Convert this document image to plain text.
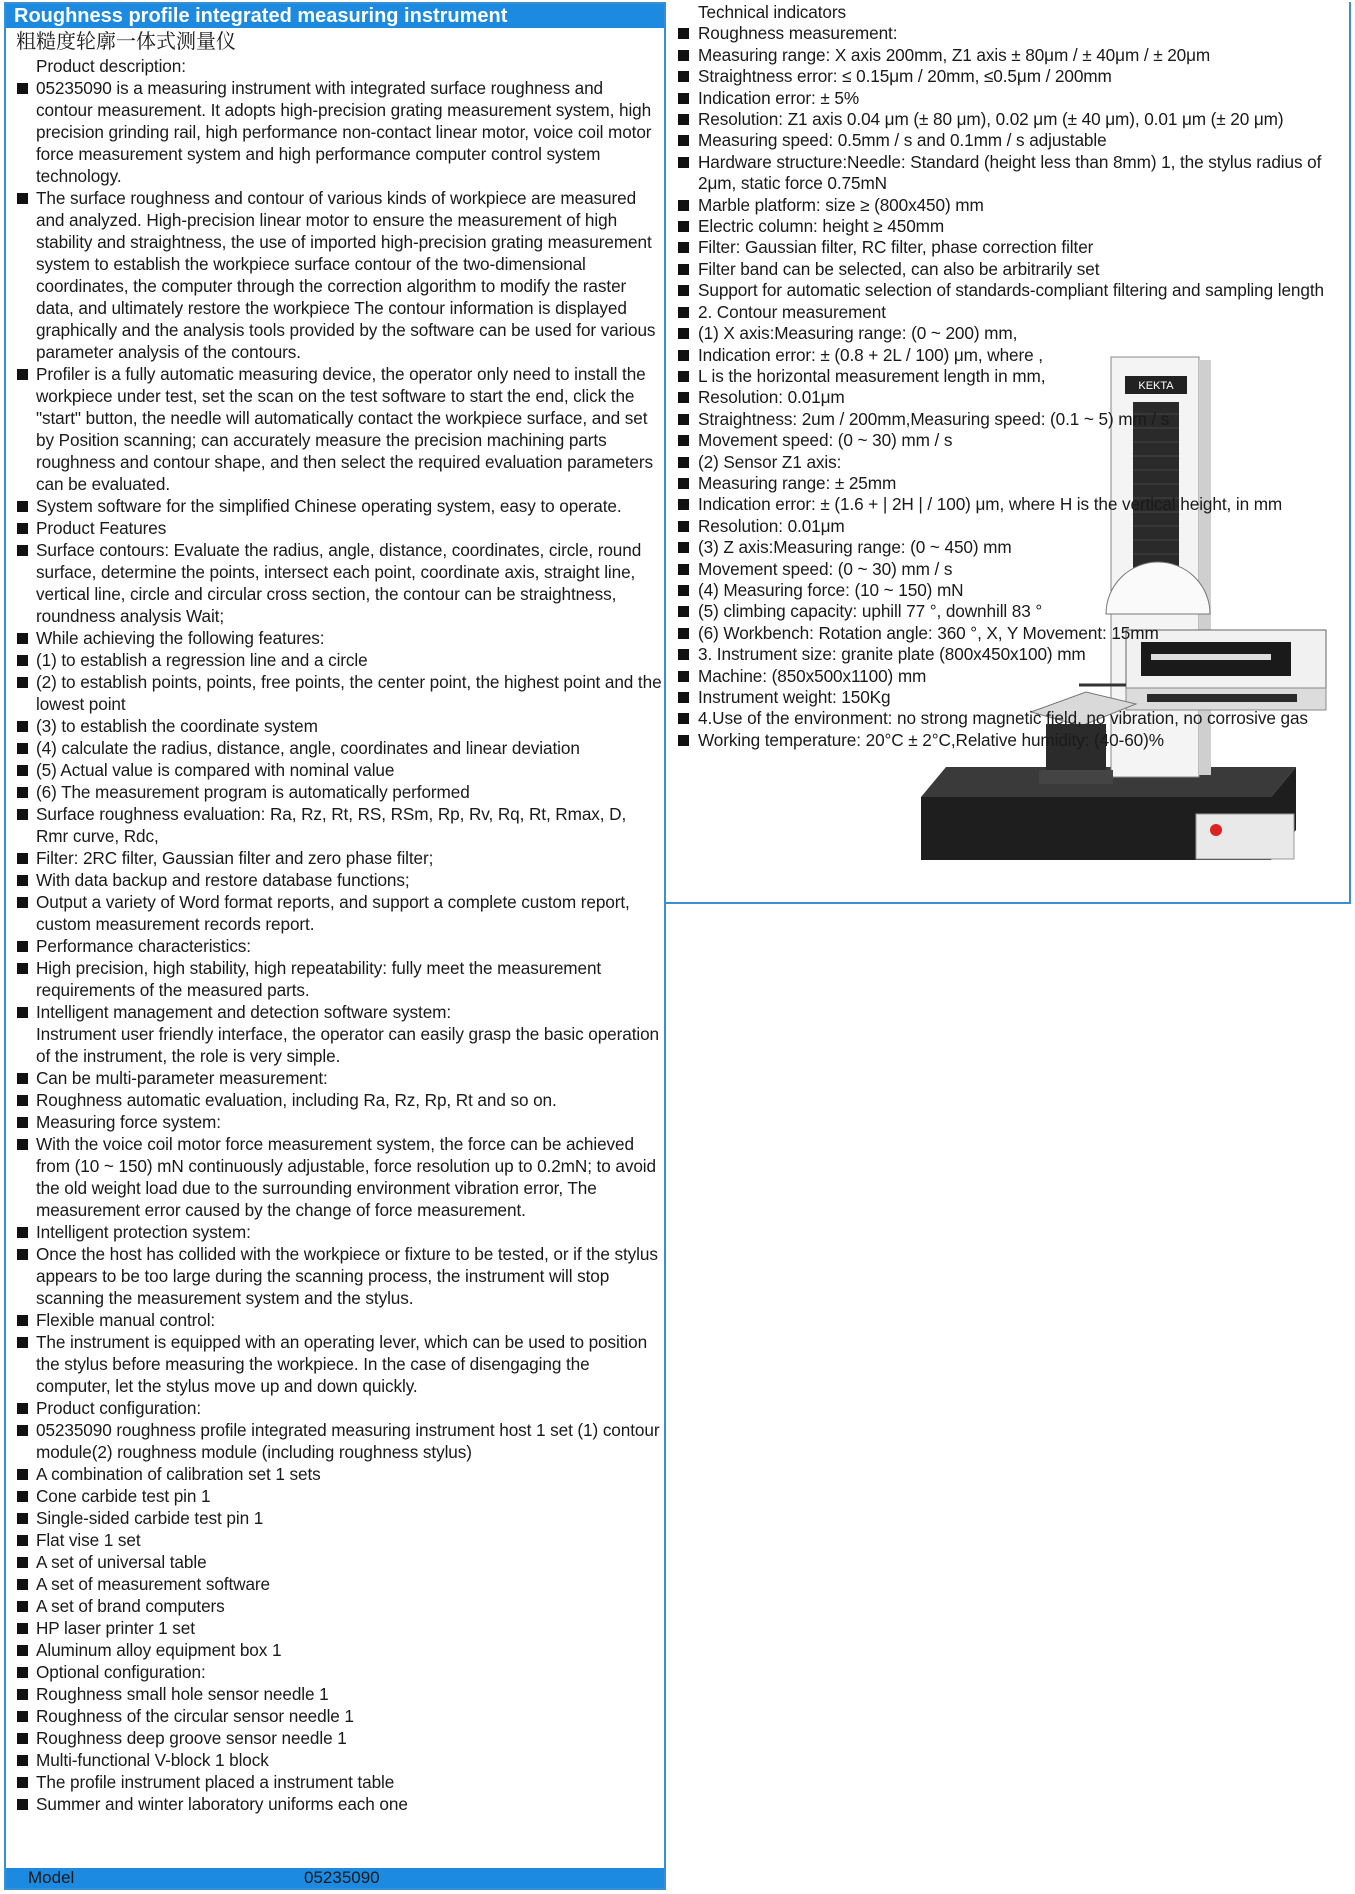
Roughness profile integrated measuring instrument
粗糙度轮廓一体式测量仪
Product description:
05235090 is a measuring instrument with integrated surface roughness and contour measurement. It adopts high-precision grating measurement system, high precision grinding rail, high performance non-contact linear motor, voice coil motor force measurement system and high performance computer control system technology.
The surface roughness and contour of various kinds of workpiece are measured and analyzed. High-precision linear motor to ensure the measurement of high stability and straightness, the use of imported high-precision grating measurement system to establish the workpiece surface contour of the two-dimensional coordinates, the computer through the correction algorithm to modify the raster data, and ultimately restore the workpiece The contour information is displayed graphically and the analysis tools provided by the software can be used for various parameter analysis of the contours.
Profiler is a fully automatic measuring device, the operator only need to install the workpiece under test, set the scan on the test software to start the end, click the "start" button, the needle will automatically contact the workpiece surface, and set by Position scanning; can accurately measure the precision machining parts roughness and contour shape, and then select the required evaluation parameters can be evaluated.
System software for the simplified Chinese operating system, easy to operate.
Product Features
Surface contours: Evaluate the radius, angle, distance, coordinates, circle, round surface, determine the points, intersect each point, coordinate axis, straight line, vertical line, circle and circular cross section, the contour can be straightness, roundness analysis Wait;
While achieving the following features:
(1) to establish a regression line and a circle
(2) to establish points, points, free points, the center point, the highest point and the lowest point
(3) to establish the coordinate system
(4) calculate the radius, distance, angle, coordinates and linear deviation
(5) Actual value is compared with nominal value
(6) The measurement program is automatically performed
Surface roughness evaluation: Ra, Rz, Rt, RS, RSm, Rp, Rv, Rq, Rt, Rmax, D, Rmr curve, Rdc,
Filter: 2RC filter, Gaussian filter and zero phase filter;
With data backup and restore database functions;
Output a variety of Word format reports, and support a complete custom report, custom measurement records report.
Performance characteristics:
High precision, high stability, high repeatability: fully meet the measurement requirements of the measured parts.
Intelligent management and detection software system:
Instrument user friendly interface, the operator can easily grasp the basic operation of the instrument, the role is very simple.
Can be multi-parameter measurement:
Roughness automatic evaluation, including Ra, Rz, Rp, Rt and so on.
Measuring force system:
With the voice coil motor force measurement system, the force can be achieved from (10 ~ 150) mN continuously adjustable, force resolution up to 0.2mN; to avoid the old weight load due to the surrounding environment vibration error, The measurement error caused by the change of force measurement.
Intelligent protection system:
Once the host has collided with the workpiece or fixture to be tested, or if the stylus appears to be too large during the scanning process, the instrument will stop scanning the measurement system and the stylus.
Flexible manual control:
The instrument is equipped with an operating lever, which can be used to position the stylus before measuring the workpiece. In the case of disengaging the computer, let the stylus move up and down quickly.
Product configuration:
05235090 roughness profile integrated measuring instrument host 1 set (1) contour module(2) roughness module (including roughness stylus)
A combination of calibration set 1 sets
Cone carbide test pin 1
Single-sided carbide test pin 1
Flat vise 1 set
A set of universal table
A set of measurement software
A set of brand computers
HP laser printer 1 set
Aluminum alloy equipment box 1
Optional configuration:
Roughness small hole sensor needle 1
Roughness of the circular sensor needle 1
Roughness deep groove sensor needle 1
Multi-functional V-block 1 block
The profile instrument placed a instrument table
Summer and winter laboratory uniforms each one
Model	05235090
Technical indicators
Roughness measurement:
Measuring range: X axis 200mm, Z1 axis ± 80μm / ± 40μm / ± 20μm
Straightness error: ≤ 0.15μm / 20mm, ≤0.5μm / 200mm
Indication error: ± 5%
Resolution: Z1 axis 0.04 μm (± 80 μm), 0.02 μm (± 40 μm), 0.01 μm (± 20 μm)
Measuring speed: 0.5mm / s and 0.1mm / s adjustable
Hardware structure:Needle: Standard (height less than 8mm) 1, the stylus radius of 2μm, static force 0.75mN
Marble platform: size ≥ (800x450) mm
Electric column: height ≥ 450mm
Filter: Gaussian filter, RC filter, phase correction filter
Filter band can be selected, can also be arbitrarily set
Support for automatic selection of standards-compliant filtering and sampling length
2. Contour measurement
(1) X axis:Measuring range: (0 ~ 200) mm,
Indication error: ± (0.8 + 2L / 100) μm, where ,
L is the horizontal measurement length in mm,
Resolution: 0.01μm
Straightness: 2um / 200mm,Measuring speed: (0.1 ~ 5) mm / s
Movement speed: (0 ~ 30) mm / s
(2) Sensor Z1 axis:
Measuring range: ± 25mm
Indication error: ± (1.6 + | 2H | / 100) μm, where H is the vertical height, in mm
Resolution: 0.01μm
(3) Z axis:Measuring range: (0 ~ 450) mm
Movement speed: (0 ~ 30) mm / s
(4) Measuring force: (10 ~ 150) mN
(5) climbing capacity: uphill 77 °, downhill 83 °
(6) Workbench: Rotation angle: 360 °, X, Y Movement: 15mm
3. Instrument size: granite plate (800x450x100) mm
Machine: (850x500x1100) mm
Instrument weight: 150Kg
4.Use of the environment: no strong magnetic field, no vibration, no corrosive gas
Working temperature: 20°C ± 2°C,Relative humidity: (40-60)%
KEKTA
